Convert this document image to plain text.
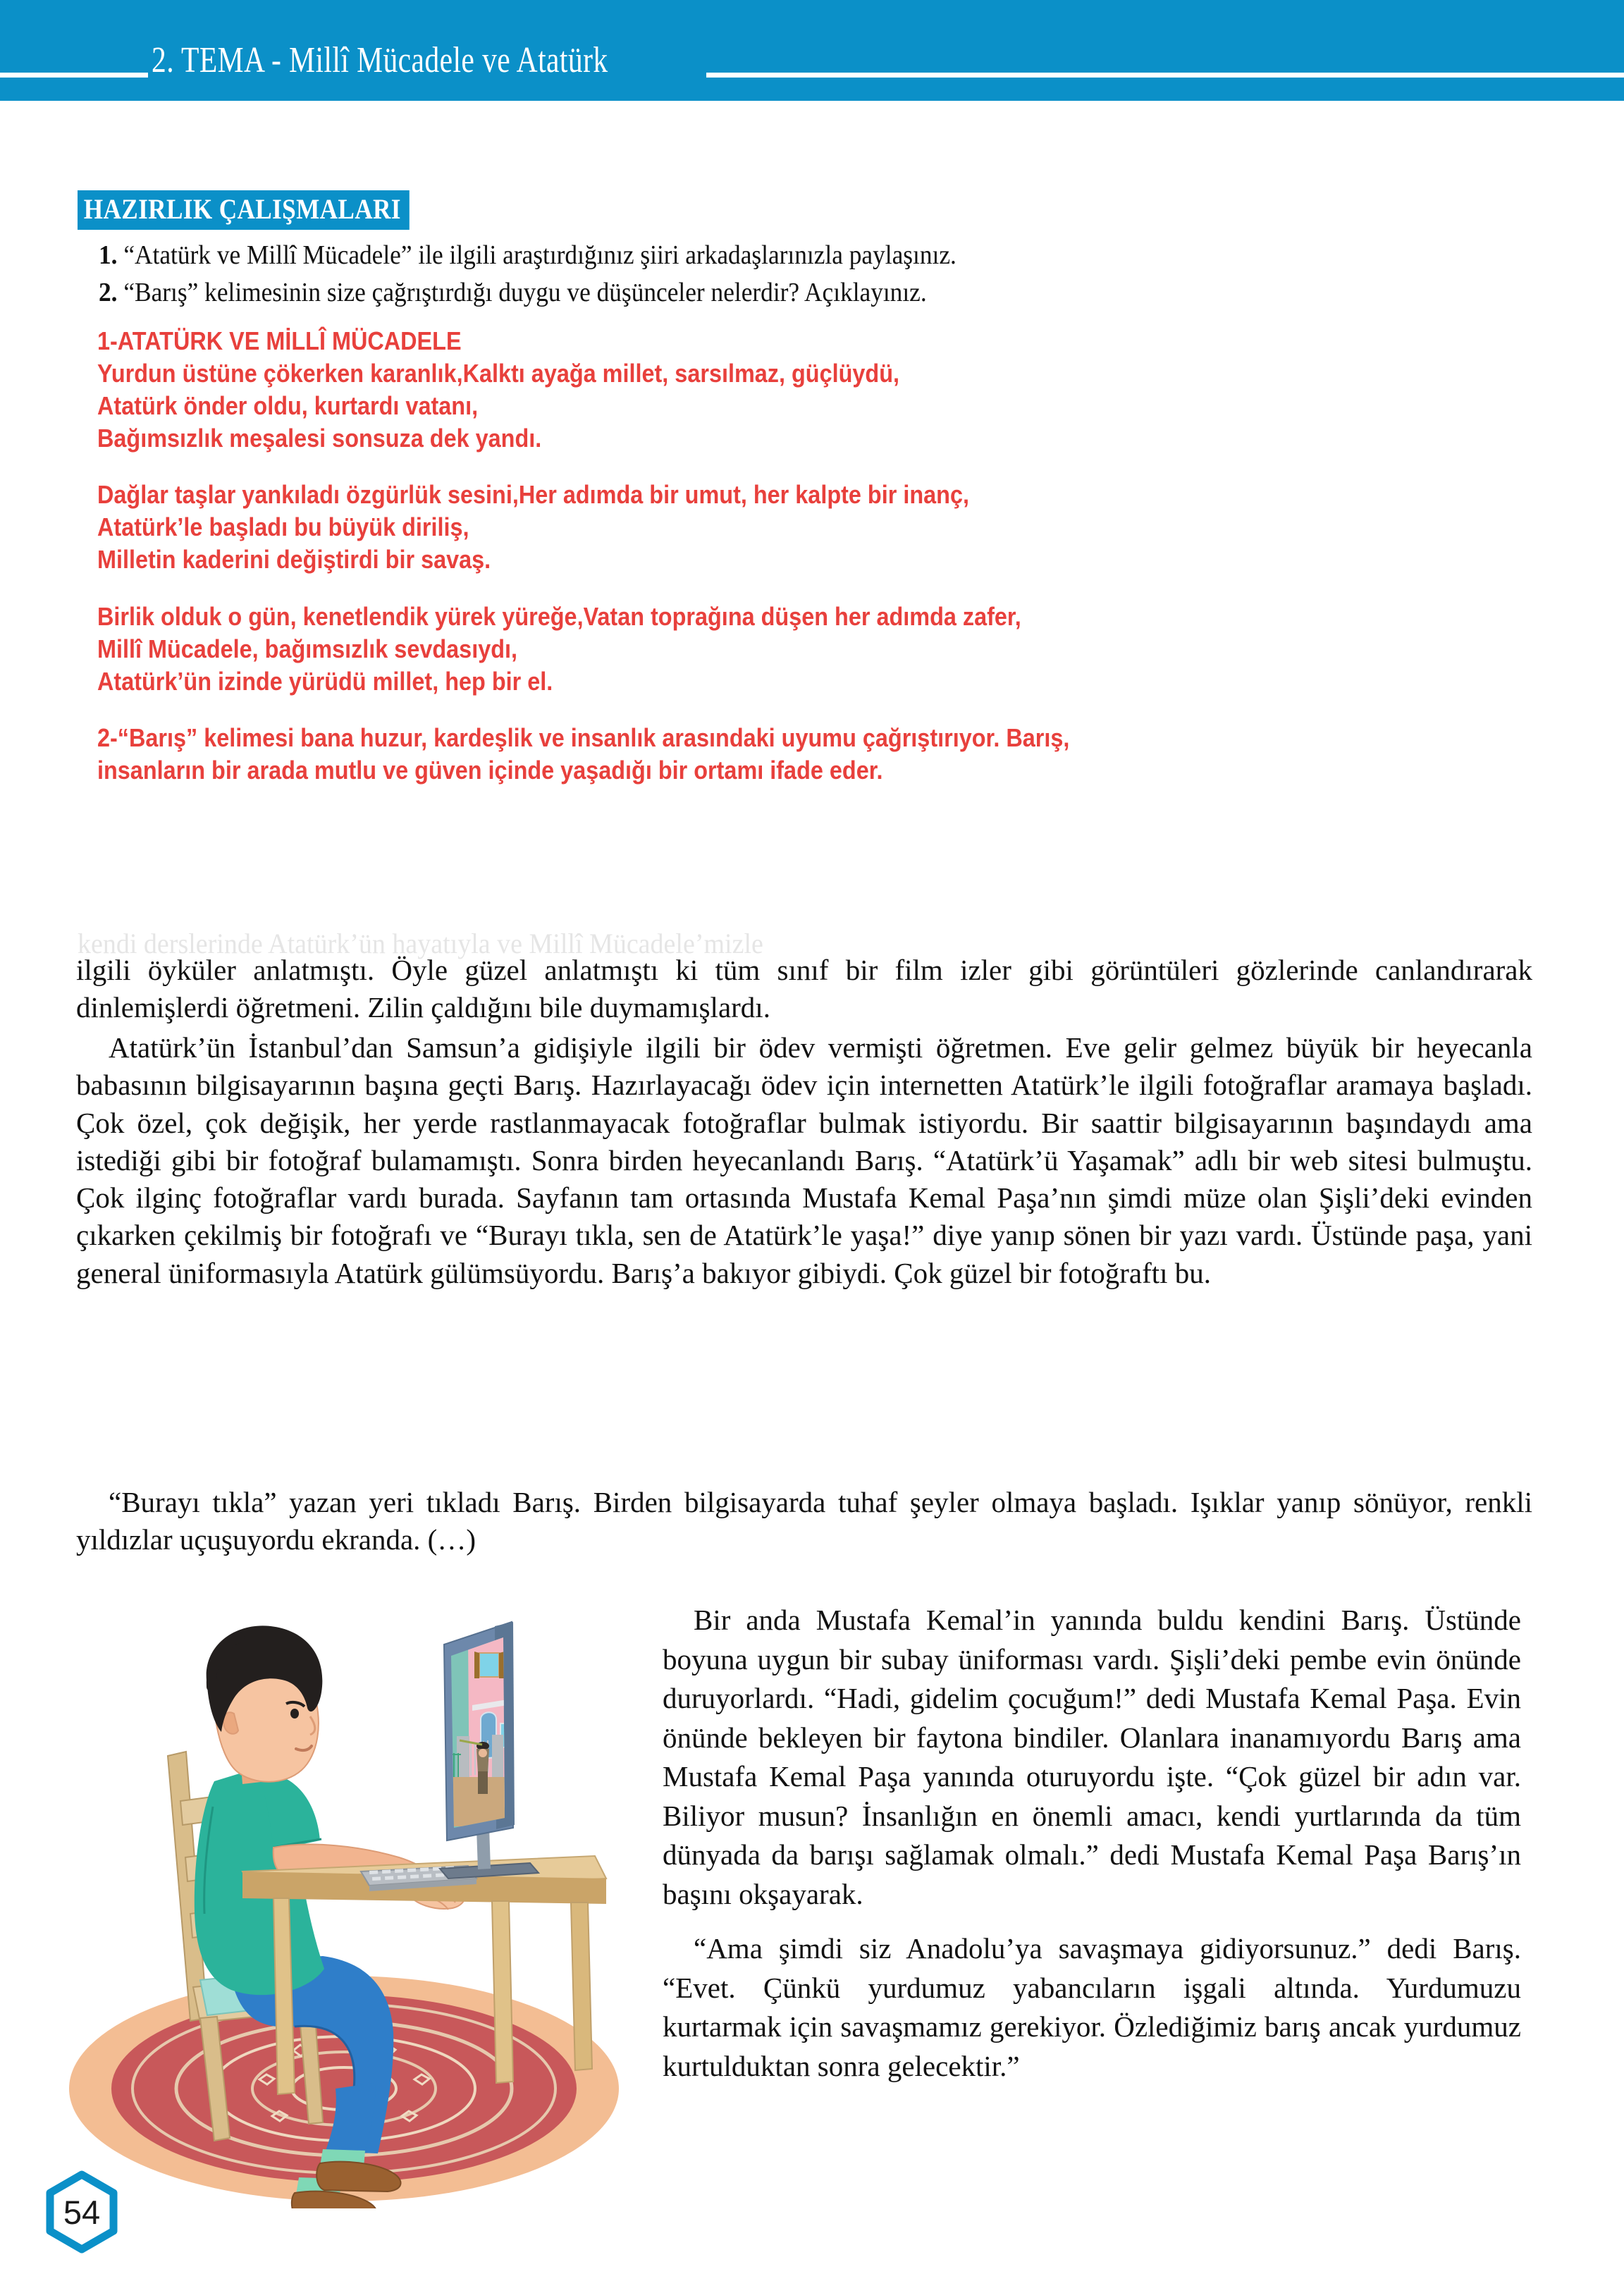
2. TEMA - Millî Mücadele ve Atatürk
HAZIRLIK ÇALIŞMALARI
1. “Atatürk ve Millî Mücadele” ile ilgili araştırdığınız şiiri arkadaşlarınızla paylaşınız.
2. “Barış” kelimesinin size çağrıştırdığı duygu ve düşünceler nelerdir? Açıklayınız.
1-ATATÜRK VE MİLLÎ MÜCADELE
Yurdun üstüne çökerken karanlık,Kalktı ayağa millet, sarsılmaz, güçlüydü,
Atatürk önder oldu, kurtardı vatanı,
Bağımsızlık meşalesi sonsuza dek yandı.
Dağlar taşlar yankıladı özgürlük sesini,Her adımda bir umut, her kalpte bir inanç,
Atatürk’le başladı bu büyük diriliş,
Milletin kaderini değiştirdi bir savaş.
Birlik olduk o gün, kenetlendik yürek yüreğe,Vatan toprağına düşen her adımda zafer,
Millî Mücadele, bağımsızlık sevdasıydı,
Atatürk’ün izinde yürüdü millet, hep bir el.
2-“Barış” kelimesi bana huzur, kardeşlik ve insanlık arasındaki uyumu çağrıştırıyor. Barış,
insanların bir arada mutlu ve güven içinde yaşadığı bir ortamı ifade eder.
kendi derslerinde Atatürk’ün hayatıyla ve Millî Mücadele’mizle

ilgili öyküler anlatmıştı. Öyle güzel anlatmıştı ki tüm sınıf bir film izler gibi görüntüleri gözlerinde canlandırarak dinlemişlerdi öğretmeni. Zilin çaldığını bile duymamışlardı.

Atatürk’ün İstanbul’dan Samsun’a gidişiyle ilgili bir ödev vermişti öğretmen. Eve gelir gelmez büyük bir heyecanla babasının bilgisayarının başına geçti Barış. Hazırlayacağı ödev için internetten Atatürk’le ilgili fotoğraflar aramaya başladı. Çok özel, çok değişik, her yerde rastlanmayacak fotoğraflar bulmak istiyordu. Bir saattir bilgisayarının başındaydı ama istediği gibi bir fotoğraf bulamamıştı. Sonra birden heyecanlandı Barış. “Atatürk’ü Yaşamak” adlı bir web sitesi bulmuştu. Çok ilginç fotoğraflar vardı burada. Sayfanın tam ortasında Mustafa Kemal Paşa’nın şimdi müze olan Şişli’deki evinden çıkarken çekilmiş bir fotoğrafı ve “Burayı tıkla, sen de Atatürk’le yaşa!” diye yanıp sönen bir yazı vardı. Üstünde paşa, yani general üniformasıyla Atatürk gülümsüyordu. Barış’a bakıyor gibiydi. Çok güzel bir fotoğraftı bu.

“Burayı tıkla” yazan yeri tıkladı Barış. Birden bilgisayarda tuhaf şeyler olmaya başladı. Işıklar yanıp sönüyor, renkli yıldızlar uçuşuyordu ekranda. (…)

Bir anda Mustafa Kemal’in yanında buldu kendini Barış. Üstünde boyuna uygun bir subay üniforması vardı. Şişli’deki pembe evin önünde duruyorlardı. “Hadi, gidelim çocuğum!” dedi Mustafa Kemal Paşa. Evin önünde bekleyen bir faytona bindiler. Olanlara inanamıyordu Barış ama Mustafa Kemal Paşa yanında oturuyordu işte. “Çok güzel bir adın var. Biliyor musun? İnsanlığın en önemli amacı, kendi yurtlarında da tüm dünyada da barışı sağlamak olmalı.” dedi Mustafa Kemal Paşa Barış’ın başını okşayarak.

“Ama şimdi siz Anadolu’ya savaşmaya gidiyorsunuz.” dedi Barış. “Evet. Çünkü yurdumuz yabancıların işgali altında. Yurdumuzu kurtarmak için savaşmamız gerekiyor. Özlediğimiz barış ancak yurdumuz kurtulduktan sonra gelecektir.”

54
